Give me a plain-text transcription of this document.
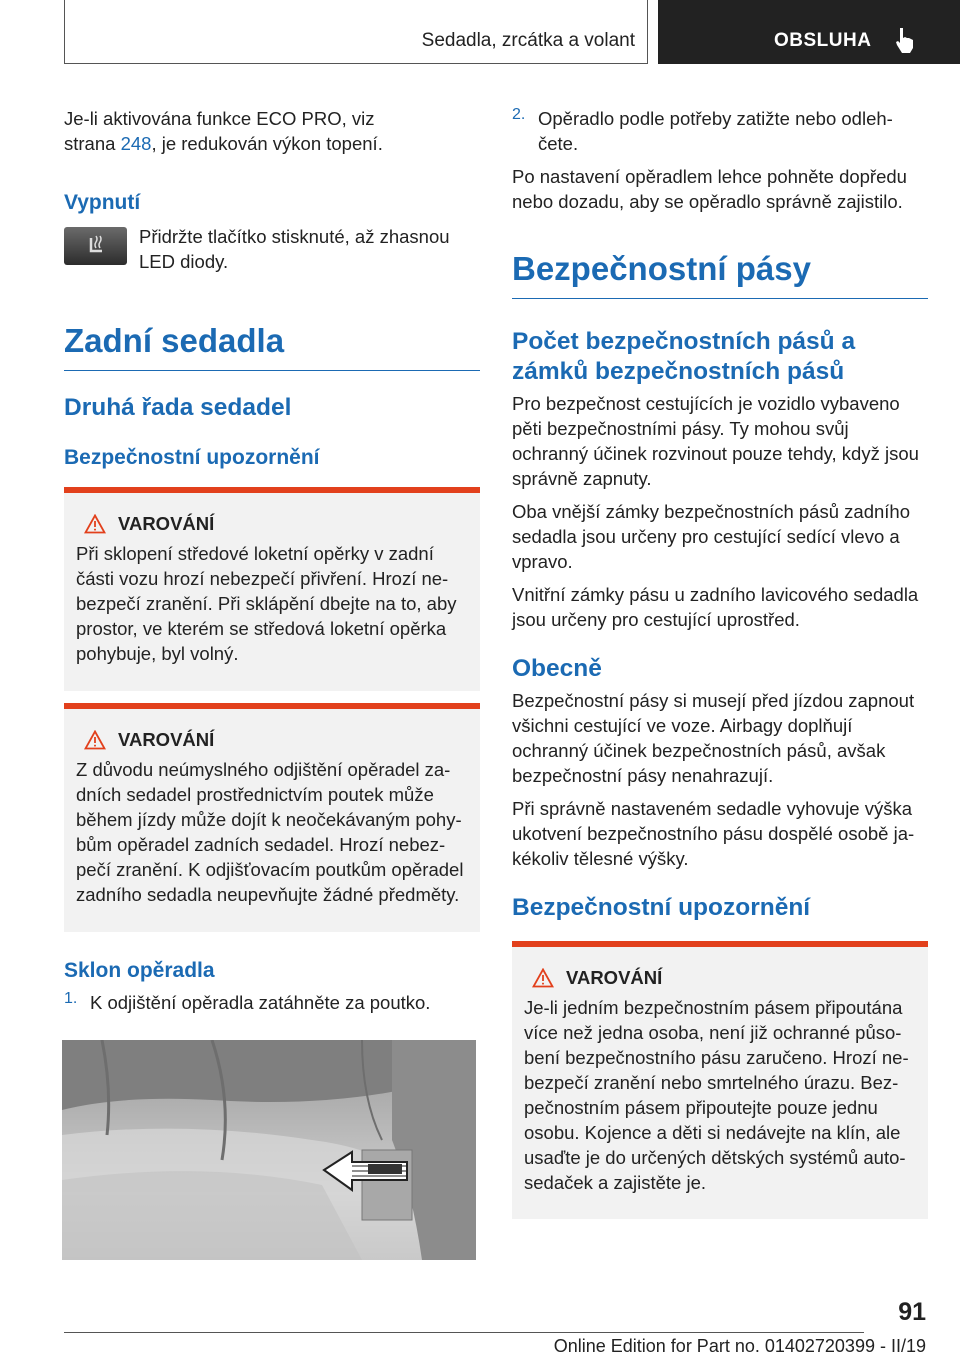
Sedadla, zrcátka a volant	OBSLUHA

Je-li aktivována funkce ECO PRO, viz
strana 248, je redukován výkon topení.

Vypnutí

Přidržte tlačítko stisknuté, až zhasnou LED diody.

Zadní sedadla
Druhá řada sedadel
Bezpečnostní upozornění
VAROVÁNÍ

Při sklopení středové loketní opěrky v zadní části vozu hrozí nebezpečí přivření. Hrozí ne-bezpečí zranění. Při sklápění dbejte na to, aby prostor, ve kterém se středová loketní opěrka pohybuje, byl volný.

VAROVÁNÍ

Z důvodu neúmyslného odjištění opěradel za-dních sedadel prostřednictvím poutek může během jízdy může dojít k neočekávaným pohy-bům opěradel zadních sedadel. Hrozí nebez-pečí zranění. K odjišťovacím poutkům opěradel zadního sedadla neupevňujte žádné předměty.

Sklon opěradla
1. K odjištění opěradla zatáhněte za poutko.

2. Opěradlo podle potřeby zatižte nebo odleh-čete.

Po nastavení opěradlem lehce pohněte dopředu nebo dozadu, aby se opěradlo správně zajistilo.

Bezpečnostní pásy
Počet bezpečnostních pásů a zámků bezpečnostních pásů

Pro bezpečnost cestujících je vozidlo vybaveno pěti bezpečnostními pásy. Ty mohou svůj ochranný účinek rozvinout pouze tehdy, když jsou správně zapnuty.

Oba vnější zámky bezpečnostních pásů zadního sedadla jsou určeny pro cestující sedící vlevo a vpravo.

Vnitřní zámky pásu u zadního lavicového sedadla jsou určeny pro cestující uprostřed.

Obecně

Bezpečnostní pásy si musejí před jízdou zapnout všichni cestující ve voze. Airbagy doplňují ochranný účinek bezpečnostních pásů, avšak bezpečnostní pásy nenahrazují.

Při správně nastaveném sedadle vyhovuje výška ukotvení bezpečnostního pásu dospělé osobě ja-kékoliv tělesné výšky.

Bezpečnostní upozornění
VAROVÁNÍ

Je-li jedním bezpečnostním pásem připoutána více než jedna osoba, není již ochranné půso-bení bezpečnostního pásu zaručeno. Hrozí ne-bezpečí zranění nebo smrtelného úrazu. Bez-pečnostním pásem připoutejte pouze jednu osobu. Kojence a děti si nedávejte na klín, ale usaďte je do určených dětských systémů auto-sedaček a zajistěte je.

91
Online Edition for Part no. 01402720399 - II/19
